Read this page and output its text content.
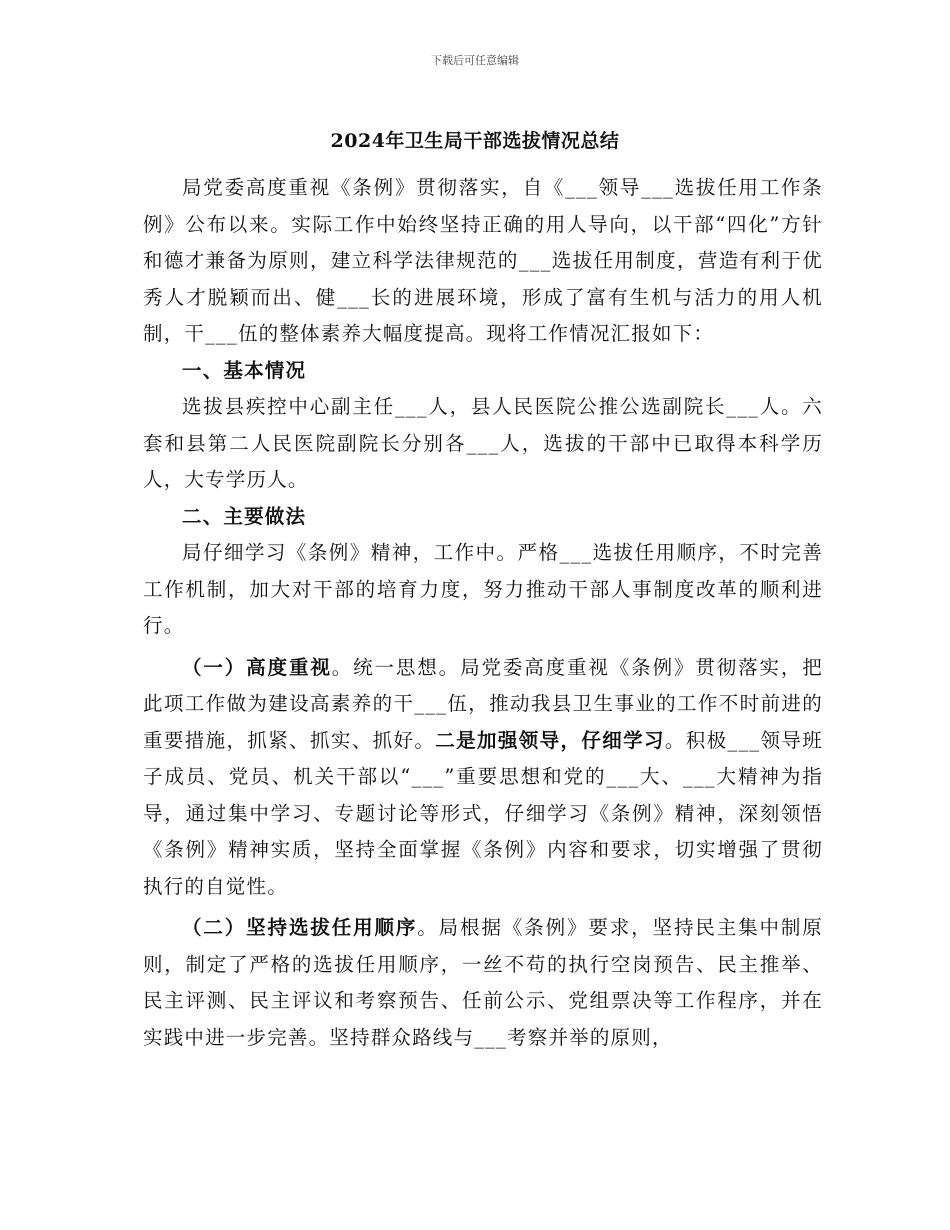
下载后可任意编辑
2024年卫生局干部选拔情况总结

局党委高度重视《条例》贯彻落实，自《___领导___选拔任用工作条例》公布以来。实际工作中始终坚持正确的用人导向，以干部“四化”方针和德才兼备为原则，建立科学法律规范的___选拔任用制度，营造有利于优秀人才脱颖而出、健___长的进展环境，形成了富有生机与活力的用人机制，干___伍的整体素养大幅度提高。现将工作情况汇报如下：

一、基本情况

选拔县疾控中心副主任___人，县人民医院公推公选副院长___人。六套和县第二人民医院副院长分别各___人，选拔的干部中已取得本科学历人，大专学历人。

二、主要做法

局仔细学习《条例》精神，工作中。严格___选拔任用顺序，不时完善工作机制，加大对干部的培育力度，努力推动干部人事制度改革的顺利进行。

（一）高度重视。统一思想。局党委高度重视《条例》贯彻落实，把此项工作做为建设高素养的干___伍，推动我县卫生事业的工作不时前进的重要措施，抓紧、抓实、抓好。二是加强领导，仔细学习。积极___领导班子成员、党员、机关干部以“___”重要思想和党的___大、___大精神为指导，通过集中学习、专题讨论等形式，仔细学习《条例》精神，深刻领悟《条例》精神实质，坚持全面掌握《条例》内容和要求，切实增强了贯彻执行的自觉性。

（二）坚持选拔任用顺序。局根据《条例》要求，坚持民主集中制原则，制定了严格的选拔任用顺序，一丝不苟的执行空岗预告、民主推举、民主评测、民主评议和考察预告、任前公示、党组票决等工作程序，并在实践中进一步完善。坚持群众路线与___考察并举的原则，
